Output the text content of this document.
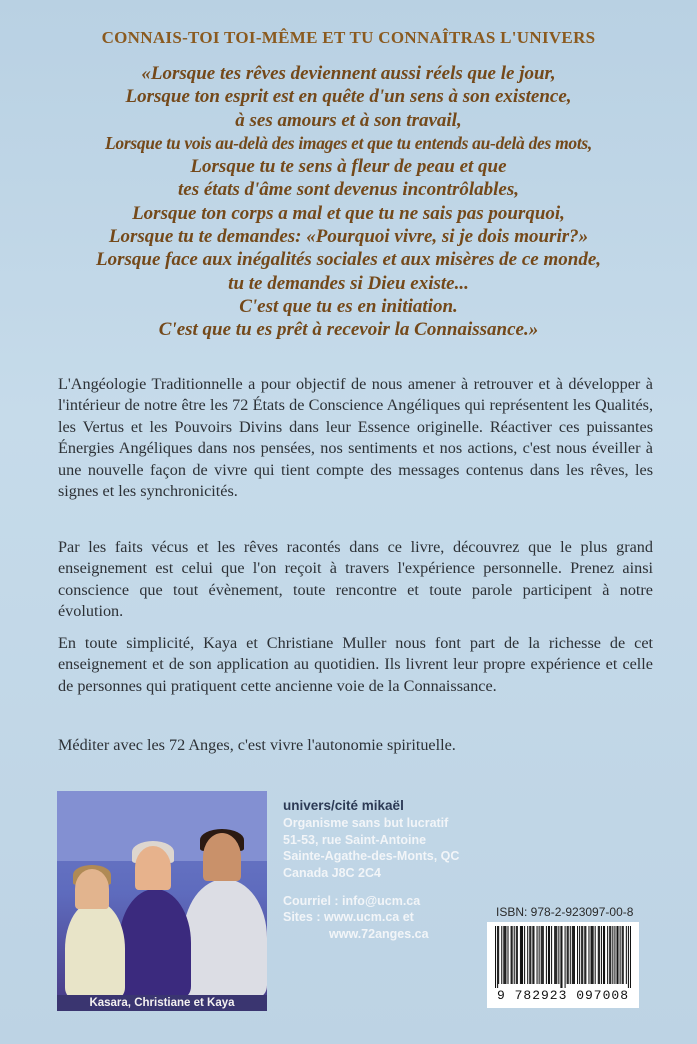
CONNAIS-TOI TOI-MÊME ET TU CONNAÎTRAS L'UNIVERS
«Lorsque tes rêves deviennent aussi réels que le jour,
Lorsque ton esprit est en quête d'un sens à son existence,
à ses amours et à son travail,
Lorsque tu vois au-delà des images et que tu entends au-delà des mots,
Lorsque tu te sens à fleur de peau et que
tes états d'âme sont devenus incontrôlables,
Lorsque ton corps a mal et que tu ne sais pas pourquoi,
Lorsque tu te demandes: «Pourquoi vivre, si je dois mourir?»
Lorsque face aux inégalités sociales et aux misères de ce monde,
tu te demandes si Dieu existe...
C'est que tu es en initiation.
C'est que tu es prêt à recevoir la Connaissance.»
L'Angéologie Traditionnelle a pour objectif de nous amener à retrouver et à développer à l'intérieur de notre être les 72 États de Conscience Angéliques qui représentent les Qualités, les Vertus et les Pouvoirs Divins dans leur Essence originelle. Réactiver ces puissantes Énergies Angéliques dans nos pensées, nos sentiments et nos actions, c'est nous éveiller à une nouvelle façon de vivre qui tient compte des messages contenus dans les rêves, les signes et les synchronicités.
Par les faits vécus et les rêves racontés dans ce livre, découvrez que le plus grand enseignement est celui que l'on reçoit à travers l'expérience personnelle. Prenez ainsi conscience que tout évènement, toute rencontre et toute parole participent à notre évolution.
En toute simplicité, Kaya et Christiane Muller nous font part de la richesse de cet enseignement et de son application au quotidien. Ils livrent leur propre expérience et celle de personnes qui pratiquent cette ancienne voie de la Connaissance.
Méditer avec les 72 Anges, c'est vivre l'autonomie spirituelle.
Kasara, Christiane et Kaya
univers/cité mikaël
Organisme sans but lucratif
51-53, rue Saint-Antoine
Sainte-Agathe-des-Monts, QC
Canada J8C 2C4
Courriel : info@ucm.ca
Sites : www.ucm.ca et
www.72anges.ca
ISBN: 978-2-923097-00-8
9 782923 097008
